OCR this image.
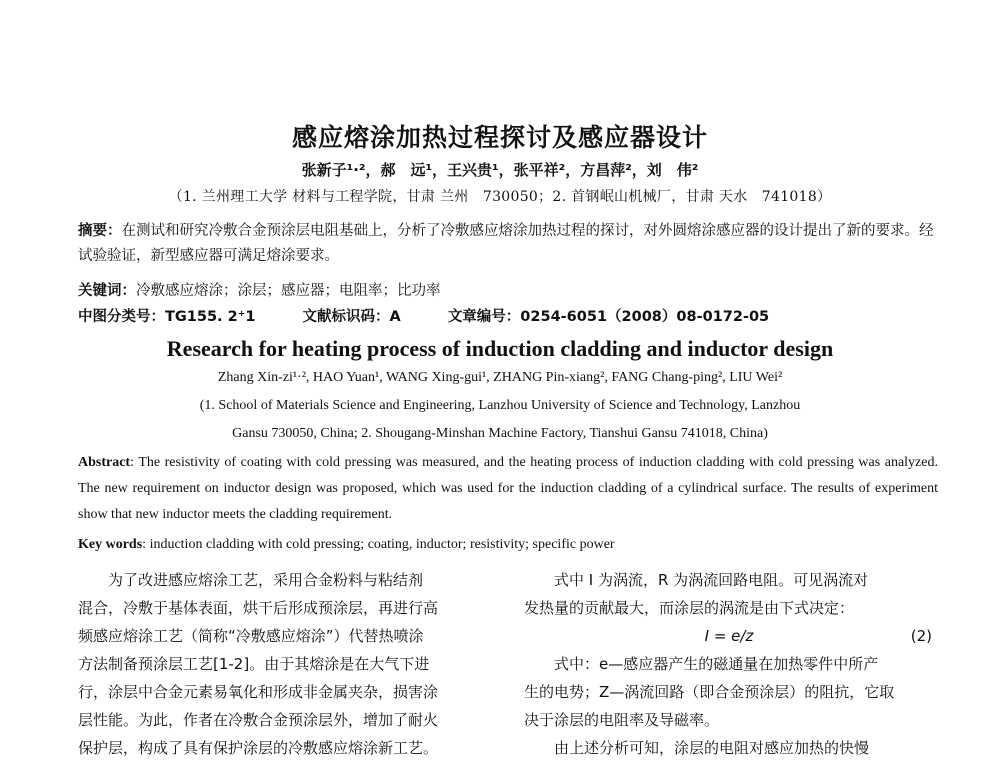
感应熔涂加热过程探讨及感应器设计
张新子¹·²，郝　远¹，王兴贵¹，张平祥²，方昌萍²，刘　伟²
（1. 兰州理工大学 材料与工程学院，甘肃 兰州　730050；2. 首钢岷山机械厂，甘肃 天水　741018）
摘要：在测试和研究冷敷合金预涂层电阻基础上，分析了冷敷感应熔涂加热过程的探讨，对外圆熔涂感应器的设计提出了新的要求。经试验验证，新型感应器可满足熔涂要求。
关键词：冷敷感应熔涂；涂层；感应器；电阻率；比功率
中图分类号：TG155. 2⁺1	文献标识码：A	文章编号：0254-6051（2008）08-0172-05
Research for heating process of induction cladding and inductor design
Zhang Xin-zi¹·², HAO Yuan¹, WANG Xing-gui¹, ZHANG Pin-xiang², FANG Chang-ping², LIU Wei²
(1. School of Materials Science and Engineering, Lanzhou University of Science and Technology, Lanzhou
Gansu 730050, China; 2. Shougang-Minshan Machine Factory, Tianshui Gansu 741018, China)
Abstract: The resistivity of coating with cold pressing was measured, and the heating process of induction cladding with cold pressing was analyzed. The new requirement on inductor design was proposed, which was used for the induction cladding of a cylindrical surface. The results of experiment show that new inductor meets the cladding requirement.
Key words: induction cladding with cold pressing; coating, inductor; resistivity; specific power

为了改进感应熔涂工艺，采用合金粉料与粘结剂

混合，冷敷于基体表面，烘干后形成预涂层，再进行高

频感应熔涂工艺（简称“冷敷感应熔涂”）代替热喷涂

方法制备预涂层工艺[1-2]。由于其熔涂是在大气下进

行，涂层中合金元素易氧化和形成非金属夹杂，损害涂

层性能。为此，作者在冷敷合金预涂层外，增加了耐火

保护层，构成了具有保护涂层的冷敷感应熔涂新工艺。

式中 I 为涡流，R 为涡流回路电阻。可见涡流对

发热量的贡献最大，而涂层的涡流是由下式决定：

I = e/z	(2)

式中：e—感应器产生的磁通量在加热零件中所产

生的电势；Z—涡流回路（即合金预涂层）的阻抗，它取

决于涂层的电阻率及导磁率。

由上述分析可知，涂层的电阻对感应加热的快慢
